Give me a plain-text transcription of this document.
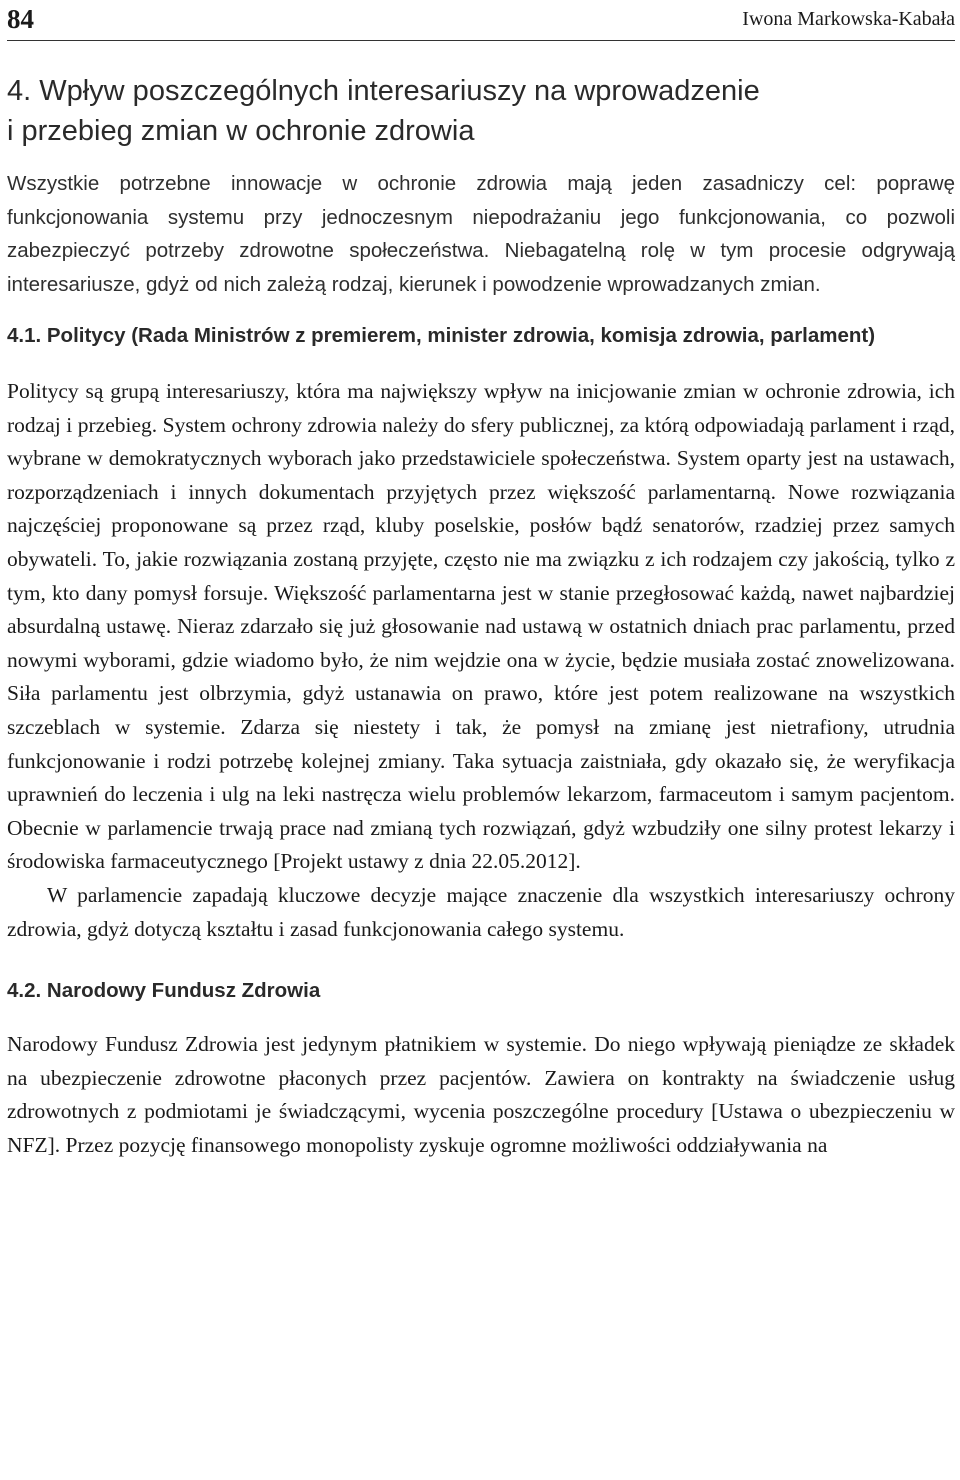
84	Iwona Markowska-Kabała
4. Wpływ poszczególnych interesariuszy na wprowadzenie
i przebieg zmian w ochronie zdrowia

Wszystkie potrzebne innowacje w ochronie zdrowia mają jeden zasadniczy cel: poprawę funkcjonowania systemu przy jednoczesnym niepodrażaniu jego funkcjonowania, co pozwoli zabezpieczyć potrzeby zdrowotne społeczeństwa. Niebagatelną rolę w tym procesie odgrywają interesariusze, gdyż od nich zależą rodzaj, kierunek i powodzenie wprowadzanych zmian.

4.1. Politycy (Rada Ministrów z premierem, minister zdrowia, komisja zdrowia, parlament)

Politycy są grupą interesariuszy, która ma największy wpływ na inicjowanie zmian w ochronie zdrowia, ich rodzaj i przebieg. System ochrony zdrowia należy do sfery publicznej, za którą odpowiadają parlament i rząd, wybrane w demokratycznych wyborach jako przedstawiciele społeczeństwa. System oparty jest na ustawach, rozporządzeniach i innych dokumentach przyjętych przez większość parlamentarną. Nowe rozwiązania najczęściej proponowane są przez rząd, kluby poselskie, posłów bądź senatorów, rzadziej przez samych obywateli. To, jakie rozwiązania zostaną przyjęte, często nie ma związku z ich rodzajem czy jakością, tylko z tym, kto dany pomysł forsuje. Większość parlamentarna jest w stanie przegłosować każdą, nawet najbardziej absurdalną ustawę. Nieraz zdarzało się już głosowanie nad ustawą w ostatnich dniach prac parlamentu, przed nowymi wyborami, gdzie wiadomo było, że nim wejdzie ona w życie, będzie musiała zostać znowelizowana. Siła parlamentu jest olbrzymia, gdyż ustanawia on prawo, które jest potem realizowane na wszystkich szczeblach w systemie. Zdarza się niestety i tak, że pomysł na zmianę jest nietrafiony, utrudnia funkcjonowanie i rodzi potrzebę kolejnej zmiany. Taka sytuacja zaistniała, gdy okazało się, że weryfikacja uprawnień do leczenia i ulg na leki nastręcza wielu problemów lekarzom, farmaceutom i samym pacjentom. Obecnie w parlamencie trwają prace nad zmianą tych rozwiązań, gdyż wzbudziły one silny protest lekarzy i środowiska farmaceutycznego [Projekt ustawy z dnia 22.05.2012].

W parlamencie zapadają kluczowe decyzje mające znaczenie dla wszystkich interesariuszy ochrony zdrowia, gdyż dotyczą kształtu i zasad funkcjonowania całego systemu.

4.2. Narodowy Fundusz Zdrowia

Narodowy Fundusz Zdrowia jest jedynym płatnikiem w systemie. Do niego wpływają pieniądze ze składek na ubezpieczenie zdrowotne płaconych przez pacjentów. Zawiera on kontrakty na świadczenie usług zdrowotnych z podmiotami je świadczącymi, wycenia poszczególne procedury [Ustawa o ubezpieczeniu w NFZ]. Przez pozycję finansowego monopolisty zyskuje ogromne możliwości oddziaływania na
